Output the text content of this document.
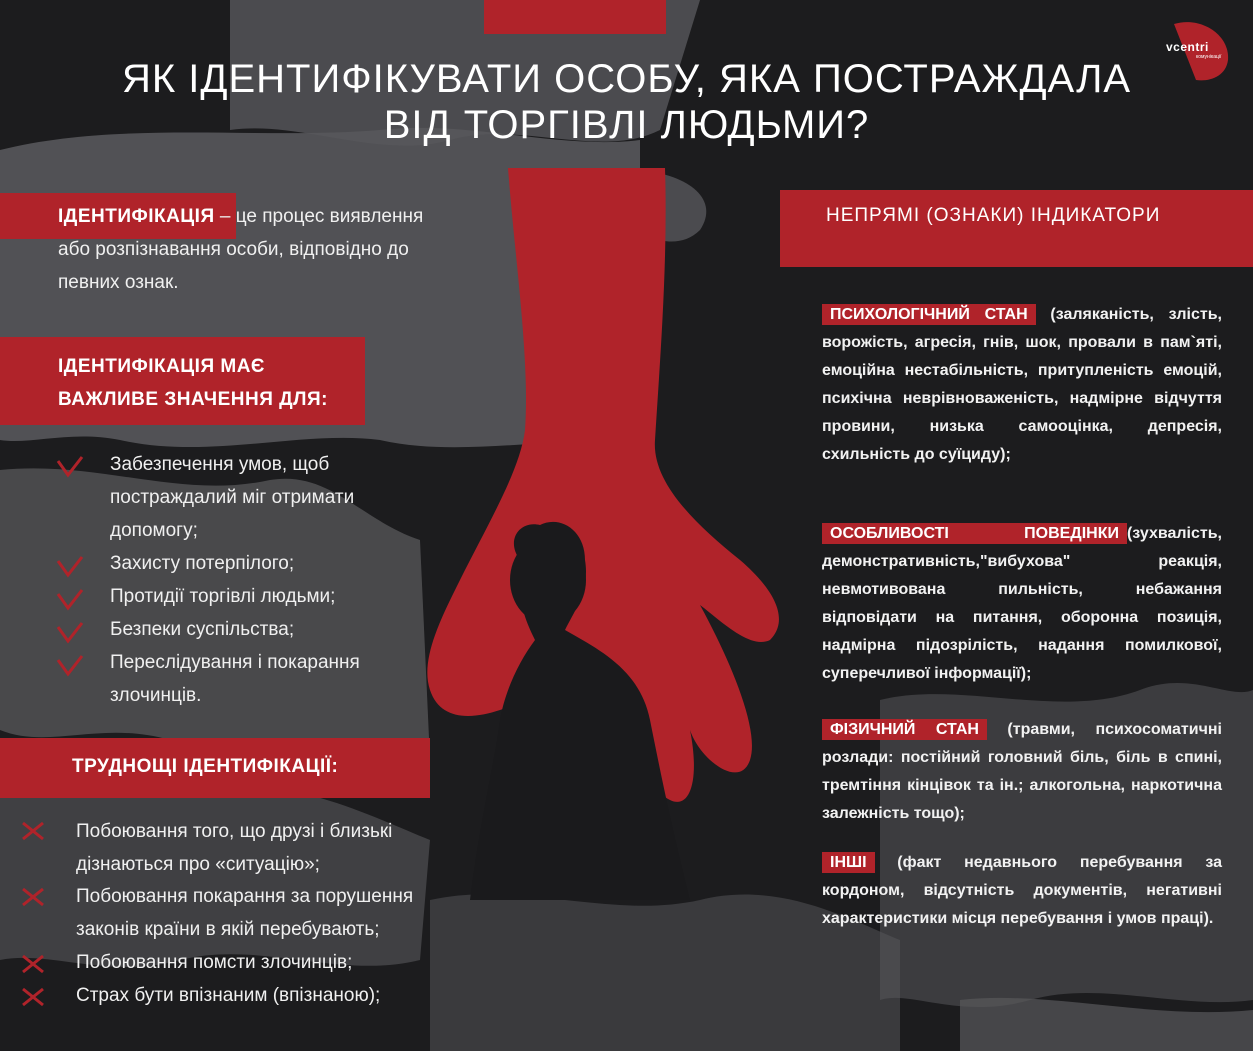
vcentri
комунікації
ЯК ІДЕНТИФІКУВАТИ ОСОБУ, ЯКА ПОСТРАЖДАЛА
ВІД ТОРГІВЛІ ЛЮДЬМИ?
ІДЕНТИФІКАЦІЯ – це процес виявлення
або розпізнавання особи, відповідно до
певних ознак.
ІДЕНТИФІКАЦІЯ МАЄ
ВАЖЛИВЕ ЗНАЧЕННЯ ДЛЯ:
Забезпечення умов, щоб
постраждалий міг отримати
допомогу;
Захисту потерпілого;
Протидії торгівлі людьми;
Безпеки суспільства;
Переслідування і покарання
злочинців.
ТРУДНОЩІ ІДЕНТИФІКАЦІЇ:
Побоювання того, що друзі і близькі
дізнаються про «ситуацію»;
Побоювання покарання за порушення
законів країни в якій перебувають;
Побоювання помсти злочинців;
Страх бути впізнаним (впізнаною);
НЕПРЯМІ (ОЗНАКИ) ІНДИКАТОРИ
ПСИХОЛОГІЧНИЙ СТАН (заляканість, злість, ворожість, агресія, гнів, шок, провали в пам`яті, емоційна нестабільність, притупленість емоцій, психічна неврівноваженість, надмірне відчуття провини, низька самооцінка, депресія, схильність до суїциду);
ОСОБЛИВОСТІ ПОВЕДІНКИ (зухвалість, демонстративність,"вибухова" реакція, невмотивована пильність, небажання відповідати на питання, оборонна позиція, надмірна підозрілість, надання помилкової, суперечливої інформації);
ФІЗИЧНИЙ СТАН (травми, психосоматичні розлади: постійний головний біль, біль в спині, тремтіння кінцівок та ін.; алкогольна, наркотична залежність тощо);
ІНШІ (факт недавнього перебування за кордоном, відсутність документів, негативні характеристики місця перебування і умов праці).
